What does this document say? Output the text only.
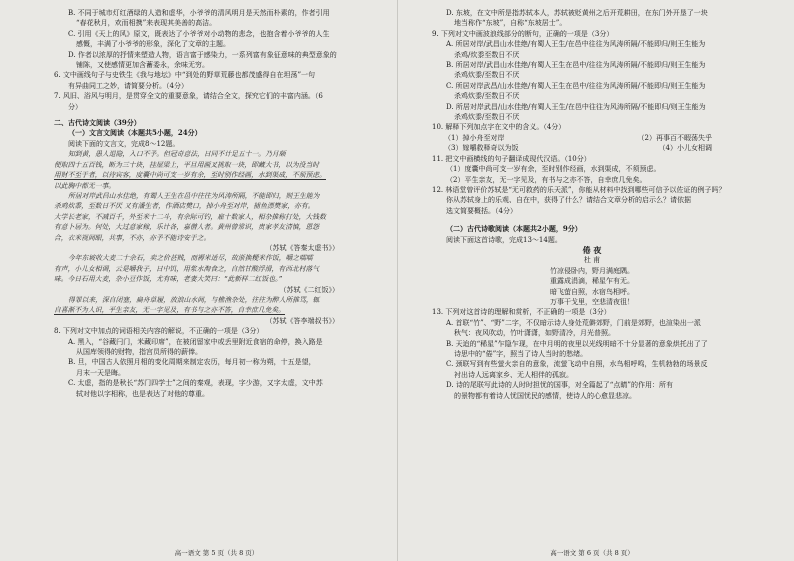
B. 不同于城市灯红酒绿的人造和虚华，小爷爷的清风明月是天然而朴素的，作者引用
“春花秋月，欢而相携”来表现其美善的高洁。
C. 引用《天上的风》原文，既表达了小爷爷对小动物的悲念，也抱含着小爷爷的人生
感慨，丰满了小爷爷的形象，深化了文章的主题。
D. 作者以浓厚的抒情来塑造人物，语言富于感染力，一系列富有象征意味的典型意象的
铺陈，又使感情更加含蓄委永，余味无穷。
6. 文中画线句子与史铁生《我与地坛》中“到处的野草荒藤也都茂盛得自在坦荡”一句
有异曲同工之妙，请简要分析。（4分）
7. 风旧、浴风与明月，是贯穿全文的重要意象，请结合全文，探究它们的丰富内涵。（6
分）
二、古代诗文阅读（39分）
（一）文言文阅读（本题共5小题，24分）
阅读下面的文言文，完成8～12题。
知到黄，愚人退隐，入口不予。但冠奇意法，日同不计足五十一。乃月颇
便取四十五百钱，断为三十块，挂屋梁上，平旦用画叉挑取一块，即藏大书，以为没当时
用财不至于者，以待宾客，度囊中尚可支一岁有余，至时别作经画，水到渠成，不须预虑。
以此胸中都无一事。
所居对岸武昌山水佳绝，有蜀人王生在邑中往往为风涛所隔，不能即归，则王生能为
杀鸡炊黍，至数日不厌 又有潘生者，作酒店樊口，掉小舟至对岸，捕鱼漂樊家，亦有。
大学长老家，不减百千，外至米十二斗，有余际可钓，雇十数家人，相杂推称打处，大钱数
有意卜居为。何处，大过意家稼，乐计各，嘉僧人者。黄州曾常识，贵家孝友清慎，恩怨
合，衣米视间眼，共事，不亦，亦予不能诗安于之。
（苏轼《答秦太虚书》）
今年东坡收大麦二十余石，卖之价甚贱，而褥米适尽，故浙换粳米作饭，嚼之嚅嚅
有声，小儿女相调，云是嚼我子，日中饥，用浆水淘食之，自然甘酸浮滑，有西北村落气
味。今日石用大麦，杂小豆作饭，尤有味，老妻大笑曰：“此新样二红饭也。”
（苏轼《二红饭》）
得罪以来，深自闭塞，扁舟草履，放浪山水间，与樵渔杂处，往往为醉人所推骂，辄
自喜渐不为人识，平生亲友，无一字见及，有书与之亦不答，自幸庶几免矣。
（苏轼《答李端叔书》）
8. 下列对文中加点的词语相关内容的解说，不正确的一项是（3分）
A. 黑入，“谷藏闩门，米藏印席”，在被闭留家中或丢里附近食宿的命停，换入路是
从国库领得的财物，指宫员所得的薪俸。
B. 旦，中国古人依照月相的变化周期来制定农历，每月初一称为朔，十五是望，
月末一天是晦。
C. 太虚，指的是秋长“苏门四学士”之间的秦观，表现，字少游，又字太虚，文中苏
轼对他以字相称，也是表达了对他的尊重。
高一语文 第 5 页（共 8 页）
D. 东坡，在文中所是指苏轼本人，苏轼被贬黄州之后开荒耕田，在东门外开垦了一块
地当称作“东坡”，自称“东坡居士”。
9. 下列对文中画波浪线部分的断句，正确的一项是（3分）
A. 所居对岸/武昌山水佳绝/有蜀人王生/在邑中往往为风涛所隔/不能即归/则王生能为
杀鸡/炊黍至数日不厌
B. 所居对岸/武昌山水佳绝/有蜀人王生在邑中/往往为风涛所隔/不能即归/则王生能为
杀鸡炊黍/至数日不厌
C. 所居对岸武昌/山水佳绝/有蜀人王生在邑中/往往为风涛所隔/不能即归/则王生能为
杀鸡炊黍/至数日不厌
D. 所居对岸武昌/山水佳绝/有蜀人王生/在邑中往往为风涛所隔/不能即归/则王生能为
杀鸡炊黍/至数日不厌
10. 解释下列加点字在文中的含义。（4分）
（1）掉小舟至对岸	（2）再事百不暇荡失乎
（3）嫁嚼救释奇以为饭	（4）小儿女相调
11. 把文中画横线的句子翻译成现代汉语。（10分）
（1）度囊中尚可支一岁有余，至时别作经画，水到渠成，不须预虑。
（2）平生亲友，无一字见及，有书与之亦不答，自幸庶几免矣。
12. 林语堂曾评价苏轼是“无可救药的乐天派”，你能从材料中找到哪些可信予以佐证的例子吗？
你从苏轼身上的乐观、自在中，获得了什么？请结合文章分析的启示么？请依据
选文简要概括。（4分）
（二）古代诗歌阅读（本题共2小题，9分）
阅读下面这首诗歌，完成13～14题。
倦 夜
杜 甫
竹凉侵卧内，野月满庭隅。
重露成涓滴，稀星乍有无。
暗飞萤自照，水宿鸟相呼。
万事干戈里，空悲清夜徂！
13. 下列对这首诗的理解和赏析，不正确的一项是（3分）
A. 首联“竹”、“野”二字，不仅暗示诗人身处荒僻郊野，门前是郊野，也渲染出一派
秋气：夜风吹动，竹叶潇潇，如野清冷，月光普照。
B. 天迨的“稀星”乍隐乍现，在中月明的夜里以光线明暗不十分显著的意象烘托出了了
诗思中的“倦”字，照当了诗人当时的愁绪。
C. 颈联写到有些萤火亲自的意象，流萤飞动中自照，水鸟相呼鸣，生机勃勃的场景反
衬出诗人远离家乡、无人相伴的孤寂。
D. 诗的尾联写此诗的人时时担忧的国事，对全篇起了“点睛”的作用：所有
的景物都有着诗人忧国忧民的感情，使诗人的心愈显悲凉。
高一语文 第 6 页（共 8 页）
